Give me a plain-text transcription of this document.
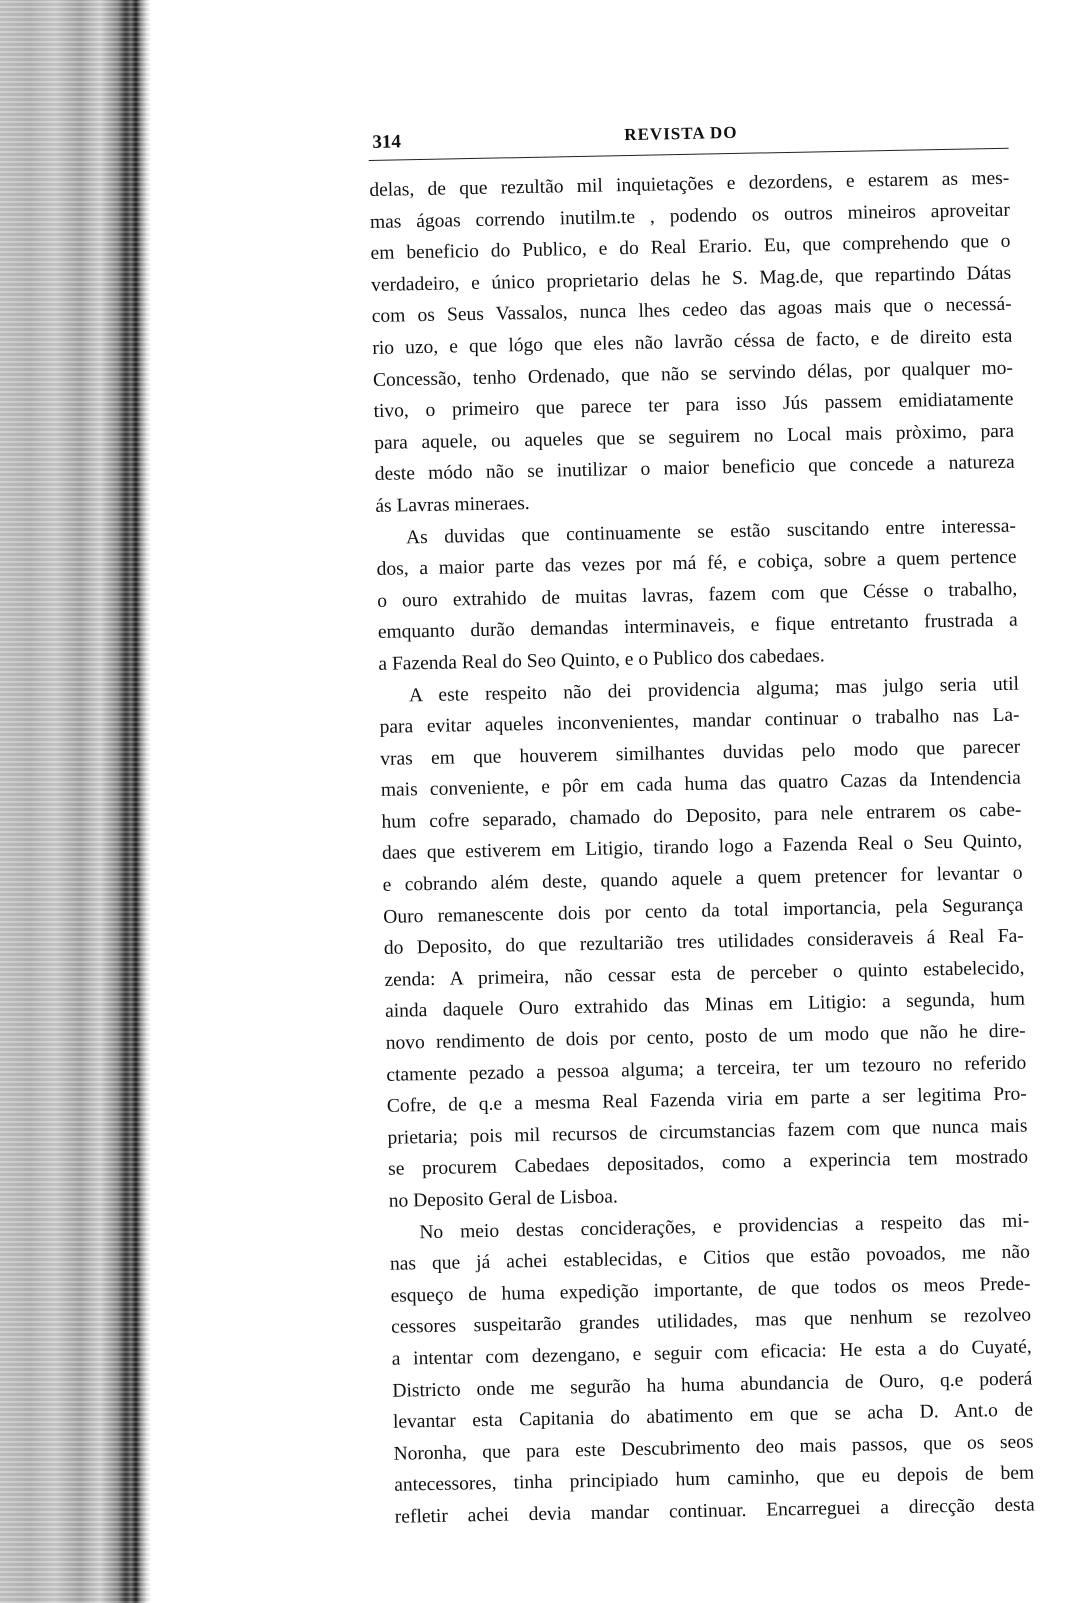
314	REVISTA DO
delas, de que rezultão mil inquietações e dezordens, e estarem as mes-
mas ágoas correndo inutilm.te , podendo os outros mineiros aproveitar
em beneficio do Publico, e do Real Erario. Eu, que comprehendo que o
verdadeiro, e único proprietario delas he S. Mag.de, que repartindo Dátas
com os Seus Vassalos, nunca lhes cedeo das agoas mais que o necessá-
rio uzo, e que lógo que eles não lavrão céssa de facto, e de direito esta
Concessão, tenho Ordenado, que não se servindo délas, por qualquer mo-
tivo, o primeiro que parece ter para isso Jús passem emidiatamente
para aquele, ou aqueles que se seguirem no Local mais pròximo, para
deste módo não se inutilizar o maior beneficio que concede a natureza
ás Lavras mineraes.
As duvidas que continuamente se estão suscitando entre interessa-
dos, a maior parte das vezes por má fé, e cobiça, sobre a quem pertence
o ouro extrahido de muitas lavras, fazem com que Césse o trabalho,
emquanto durão demandas interminaveis, e fique entretanto frustrada a
a Fazenda Real do Seo Quinto, e o Publico dos cabedaes.
A este respeito não dei providencia alguma; mas julgo seria util
para evitar aqueles inconvenientes, mandar continuar o trabalho nas La-
vras em que houverem similhantes duvidas pelo modo que parecer
mais conveniente, e pôr em cada huma das quatro Cazas da Intendencia
hum cofre separado, chamado do Deposito, para nele entrarem os cabe-
daes que estiverem em Litigio, tirando logo a Fazenda Real o Seu Quinto,
e cobrando além deste, quando aquele a quem pretencer for levantar o
Ouro remanescente dois por cento da total importancia, pela Segurança
do Deposito, do que rezultarião tres utilidades consideraveis á Real Fa-
zenda: A primeira, não cessar esta de perceber o quinto estabelecido,
ainda daquele Ouro extrahido das Minas em Litigio: a segunda, hum
novo rendimento de dois por cento, posto de um modo que não he dire-
ctamente pezado a pessoa alguma; a terceira, ter um tezouro no referido
Cofre, de q.e a mesma Real Fazenda viria em parte a ser legitima Pro-
prietaria; pois mil recursos de circumstancias fazem com que nunca mais
se procurem Cabedaes depositados, como a experincia tem mostrado
no Deposito Geral de Lisboa.
No meio destas conciderações, e providencias a respeito das mi-
nas que já achei establecidas, e Citios que estão povoados, me não
esqueço de huma expedição importante, de que todos os meos Prede-
cessores suspeitarão grandes utilidades, mas que nenhum se rezolveo
a intentar com dezengano, e seguir com eficacia: He esta a do Cuyaté,
Districto onde me segurão ha huma abundancia de Ouro, q.e poderá
levantar esta Capitania do abatimento em que se acha D. Ant.o de
Noronha, que para este Descubrimento deo mais passos, que os seos
antecessores, tinha principiado hum caminho, que eu depois de bem
refletir achei devia mandar continuar. Encarreguei a direcção desta
